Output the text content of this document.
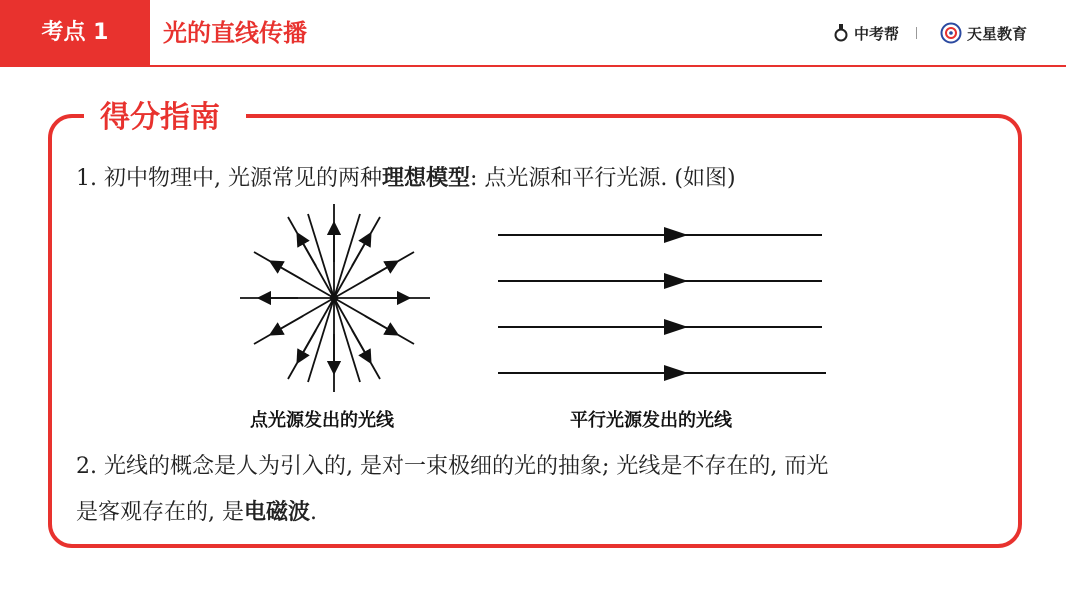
考点 1	光的直线传播	中考帮	天星教育
得分指南
1. 初中物理中, 光源常见的两种理想模型: 点光源和平行光源. (如图)
点光源发出的光线	平行光源发出的光线
2. 光线的概念是人为引入的, 是对一束极细的光的抽象; 光线是不存在的, 而光
是客观存在的, 是电磁波.
